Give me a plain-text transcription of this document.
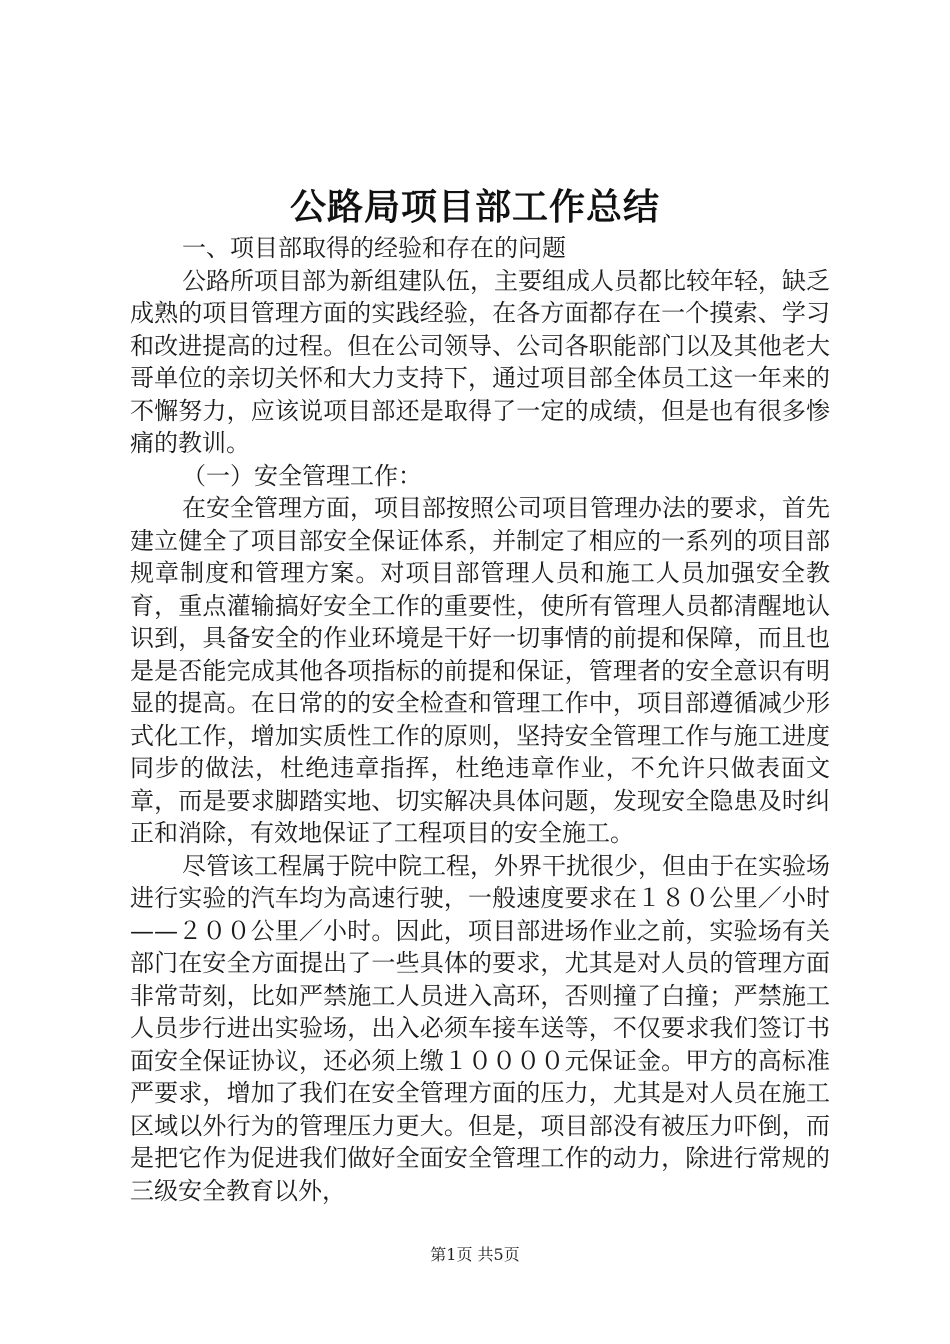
公路局项目部工作总结

一、项目部取得的经验和存在的问题

公路所项目部为新组建队伍，主要组成人员都比较年轻，缺乏成熟的项目管理方面的实践经验，在各方面都存在一个摸索、学习和改进提高的过程。但在公司领导、公司各职能部门以及其他老大哥单位的亲切关怀和大力支持下，通过项目部全体员工这一年来的不懈努力，应该说项目部还是取得了一定的成绩，但是也有很多惨痛的教训。

（一）安全管理工作：

在安全管理方面，项目部按照公司项目管理办法的要求，首先建立健全了项目部安全保证体系，并制定了相应的一系列的项目部规章制度和管理方案。对项目部管理人员和施工人员加强安全教育，重点灌输搞好安全工作的重要性，使所有管理人员都清醒地认识到，具备安全的作业环境是干好一切事情的前提和保障，而且也是是否能完成其他各项指标的前提和保证，管理者的安全意识有明显的提高。在日常的的安全检查和管理工作中，项目部遵循减少形式化工作，增加实质性工作的原则，坚持安全管理工作与施工进度同步的做法，杜绝违章指挥，杜绝违章作业，不允许只做表面文章，而是要求脚踏实地、切实解决具体问题，发现安全隐患及时纠正和消除，有效地保证了工程项目的安全施工。

尽管该工程属于院中院工程，外界干扰很少，但由于在实验场进行实验的汽车均为高速行驶，一般速度要求在１８０公里／小时——２００公里／小时。因此，项目部进场作业之前，实验场有关部门在安全方面提出了一些具体的要求，尤其是对人员的管理方面非常苛刻，比如严禁施工人员进入高环，否则撞了白撞；严禁施工人员步行进出实验场，出入必须车接车送等，不仅要求我们签订书面安全保证协议，还必须上缴１００００元保证金。甲方的高标准严要求，增加了我们在安全管理方面的压力，尤其是对人员在施工区域以外行为的管理压力更大。但是，项目部没有被压力吓倒，而是把它作为促进我们做好全面安全管理工作的动力，除进行常规的三级安全教育以外，

第1页 共5页
